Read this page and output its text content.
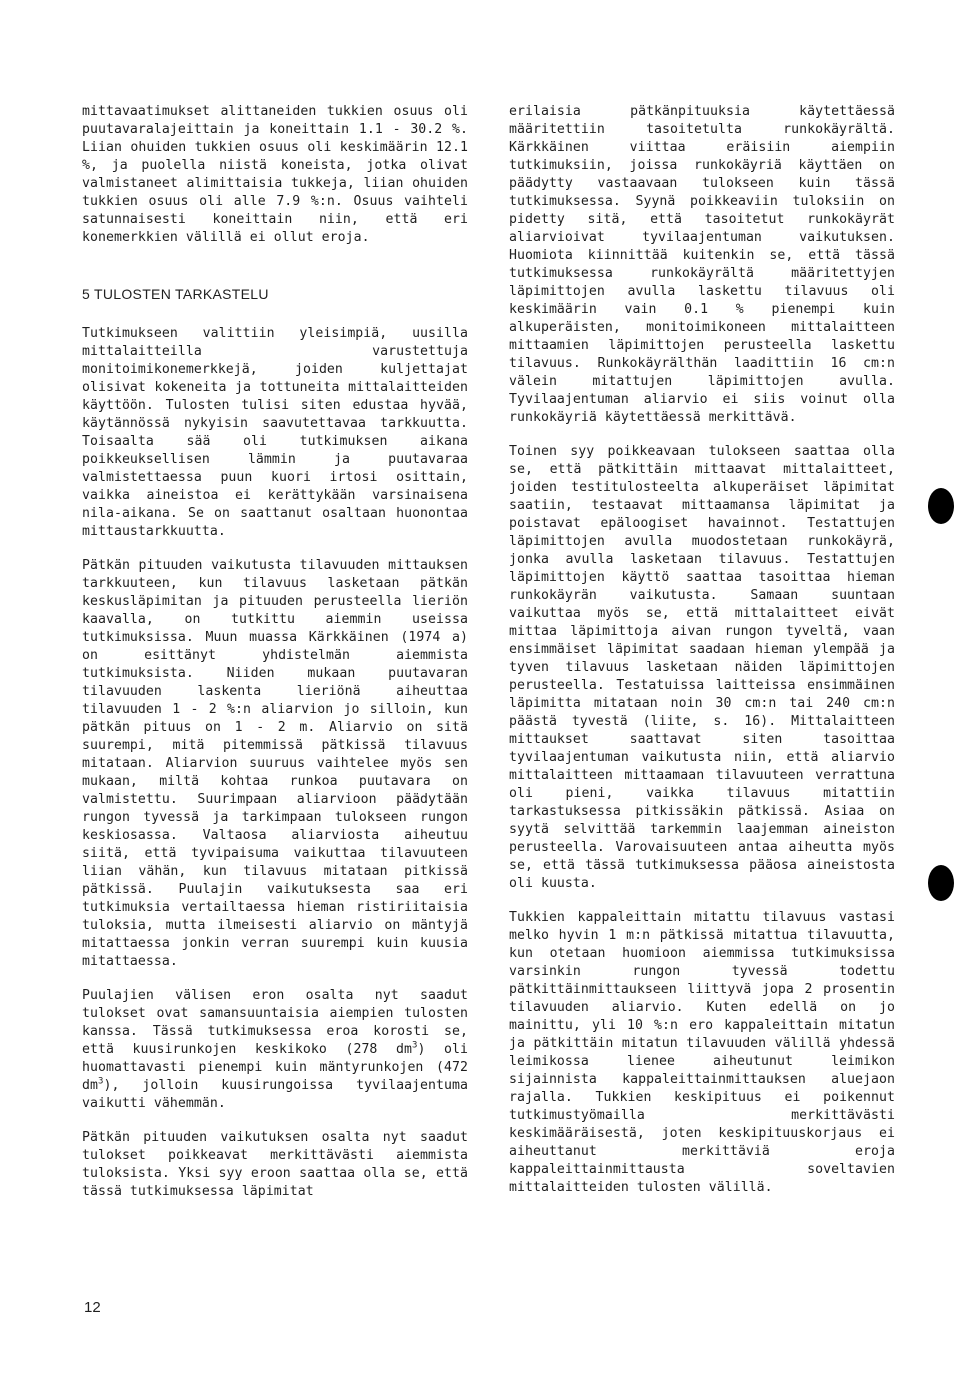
mittavaatimukset alittaneiden tukkien osuus oli puutavaralajeittain ja koneittain 1.1 - 30.2 %. Liian ohuiden tukkien osuus oli keskimäärin 12.1 %, ja puolella niistä koneista, jotka olivat valmistaneet alimittaisia tukkeja, liian ohuiden tukkien osuus oli alle 7.9 %:n. Osuus vaihteli satunnaisesti koneittain niin, että eri konemerkkien välillä ei ollut eroja.

5 TULOSTEN TARKASTELU

Tutkimukseen valittiin yleisimpiä, uusilla mittalaitteilla varustettuja monitoimikonemerkkejä, joiden kuljettajat olisivat kokeneita ja tottuneita mittalaitteiden käyttöön. Tulosten tulisi siten edustaa hyvää, käytännössä nykyisin saavutettavaa tarkkuutta. Toisaalta sää oli tutkimuksen aikana poikkeuksellisen lämmin ja puutavaraa valmistettaessa puun kuori irtosi osittain, vaikka aineistoa ei kerättykään varsinaisena nila-aikana. Se on saattanut osaltaan huonontaa mittaustarkkuutta.

Pätkän pituuden vaikutusta tilavuuden mittauksen tarkkuuteen, kun tilavuus lasketaan pätkän keskusläpimitan ja pituuden perusteella lieriön kaavalla, on tutkittu aiemmin useissa tutkimuksissa. Muun muassa Kärkkäinen (1974 a) on esittänyt yhdistelmän aiemmista tutkimuksista. Niiden mukaan puutavaran tilavuuden laskenta lieriönä aiheuttaa tilavuuden 1 - 2 %:n aliarvion jo silloin, kun pätkän pituus on 1 - 2 m. Aliarvio on sitä suurempi, mitä pitemmissä pätkissä tilavuus mitataan. Aliarvion suuruus vaihtelee myös sen mukaan, miltä kohtaa runkoa puutavara on valmistettu. Suurimpaan aliarvioon päädytään rungon tyvessä ja tarkimpaan tulokseen rungon keskiosassa. Valtaosa aliarviosta aiheutuu siitä, että tyvipaisuma vaikuttaa tilavuuteen liian vähän, kun tilavuus mitataan pitkissä pätkissä. Puulajin vaikutuksesta saa eri tutkimuksia vertailtaessa hieman ristiriitaisia tuloksia, mutta ilmeisesti aliarvio on mäntyjä mitattaessa jonkin verran suurempi kuin kuusia mitattaessa.

Puulajien välisen eron osalta nyt saadut tulokset ovat samansuuntaisia aiempien tulosten kanssa. Tässä tutkimuksessa eroa korosti se, että kuusirunkojen keskikoko (278 $dm^3$) oli huomattavasti pienempi kuin mäntyrunkojen (472 $dm^3$), jolloin kuusirungoissa tyvilaajentuma vaikutti vähemmän.

Pätkän pituuden vaikutuksen osalta nyt saadut tulokset poikkeavat merkittävästi aiemmista tuloksista. Yksi syy eroon saattaa olla se, että tässä tutkimuksessa läpimitat

erilaisia pätkänpituuksia käytettäessä määritettiin tasoitetulta runkokäyrältä. Kärkkäinen viittaa eräisiin aiempiin tutkimuksiin, joissa runkokäyriä käyttäen on päädytty vastaavaan tulokseen kuin tässä tutkimuksessa. Syynä poikkeaviin tuloksiin on pidetty sitä, että tasoitetut runkokäyrät aliarvioivat tyvilaajentuman vaikutuksen. Huomiota kiinnittää kuitenkin se, että tässä tutkimuksessa runkokäyrältä määritettyjen läpimittojen avulla laskettu tilavuus oli keskimäärin vain 0.1 % pienempi kuin alkuperäisten, monitoimikoneen mittalaitteen mittaamien läpimittojen perusteella laskettu tilavuus. Runkokäyrälthän laadittiin 16 cm:n välein mitattujen läpimittojen avulla. Tyvilaajentuman aliarvio ei siis voinut olla runkokäyriä käytettäessä merkittävä.

Toinen syy poikkeavaan tulokseen saattaa olla se, että pätkittäin mittaavat mittalaitteet, joiden testitulosteelta alkuperäiset läpimitat saatiin, testaavat mittaamansa läpimitat ja poistavat epäloogiset havainnot. Testattujen läpimittojen avulla muodostetaan runkokäyrä, jonka avulla lasketaan tilavuus. Testattujen läpimittojen käyttö saattaa tasoittaa hieman runkokäyrän vaikutusta. Samaan suuntaan vaikuttaa myös se, että mittalaitteet eivät mittaa läpimittoja aivan rungon tyveltä, vaan ensimmäiset läpimitat saadaan hieman ylempää ja tyven tilavuus lasketaan näiden läpimittojen perusteella. Testatuissa laitteissa ensimmäinen läpimitta mitataan noin 30 cm:n tai 240 cm:n päästä tyvestä (liite, s. 16). Mittalaitteen mittaukset saattavat siten tasoittaa tyvilaajentuman vaikutusta niin, että aliarvio mittalaitteen mittaamaan tilavuuteen verrattuna oli pieni, vaikka tilavuus mitattiin tarkastuksessa pitkissäkin pätkissä. Asiaa on syytä selvittää tarkemmin laajemman aineiston perusteella. Varovaisuuteen antaa aiheutta myös se, että tässä tutkimuksessa pääosa aineistosta oli kuusta.

Tukkien kappaleittain mitattu tilavuus vastasi melko hyvin 1 m:n pätkissä mitattua tilavuutta, kun otetaan huomioon aiemmissa tutkimuksissa varsinkin rungon tyvessä todettu pätkittäinmittaukseen liittyvä jopa 2 prosentin tilavuuden aliarvio. Kuten edellä on jo mainittu, yli 10 %:n ero kappaleittain mitatun ja pätkittäin mitatun tilavuuden välillä yhdessä leimikossa lienee aiheutunut leimikon sijainnista kappaleittainmittauksen aluejaon rajalla. Tukkien keskipituus ei poikennut tutkimustyömailla merkittävästi keskimääräisestä, joten keskipituuskorjaus ei aiheuttanut merkittäviä eroja kappaleittainmittausta soveltavien mittalaitteiden tulosten välillä.

12
